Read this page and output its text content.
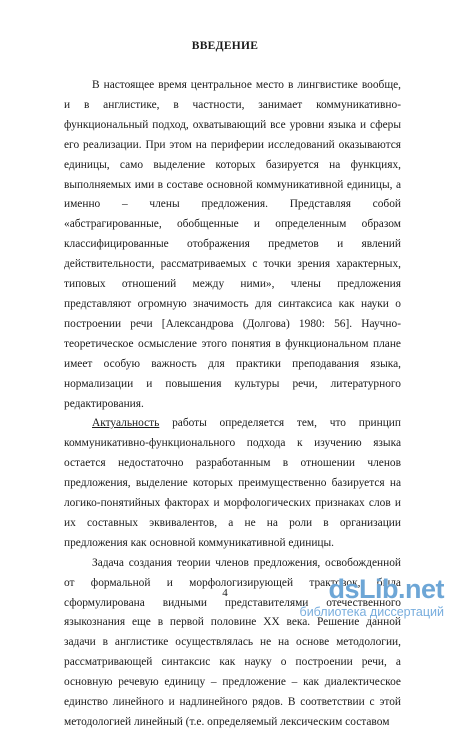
ВВЕДЕНИЕ

В настоящее время центральное место в лингвистике вообще, и в англистике, в частности, занимает коммуникативно-функциональный подход, охватывающий все уровни языка и сферы его реализации. При этом на периферии исследований оказываются единицы, само выделение которых базируется на функциях, выполняемых ими в составе основной коммуникативной единицы, а именно – члены предложения. Представляя собой «абстрагированные, обобщенные и определенным образом классифицированные отображения предметов и явлений действительности, рассматриваемых с точки зрения характерных, типовых отношений между ними», члены предложения представляют огромную значимость для синтаксиса как науки о построении речи [Александрова (Долгова) 1980: 56]. Научно-теоретическое осмысление этого понятия в функциональном плане имеет особую важность для практики преподавания языка, нормализации и повышения культуры речи, литературного редактирования.

Актуальность работы определяется тем, что принцип коммуникативно-функционального подхода к изучению языка остается недостаточно разработанным в отношении членов предложения, выделение которых преимущественно базируется на логико-понятийных факторах и морфологических признаках слов и их составных эквивалентов, а не на роли в организации предложения как основной коммуникативной единицы.

Задача создания теории членов предложения, освобожденной от формальной и морфологизирующей трактовок, была сформулирована видными представителями отечественного языкознания еще в первой половине XX века. Решение данной задачи в англистике осуществлялась не на основе методологии, рассматривающей синтаксис как науку о построении речи, а основную речевую единицу – предложение – как диалектическое единство линейного и надлинейного рядов. В соответствии с этой методологией линейный (т.е. определяемый лексическим составом

4	dsLib.net
библиотека диссертаций
